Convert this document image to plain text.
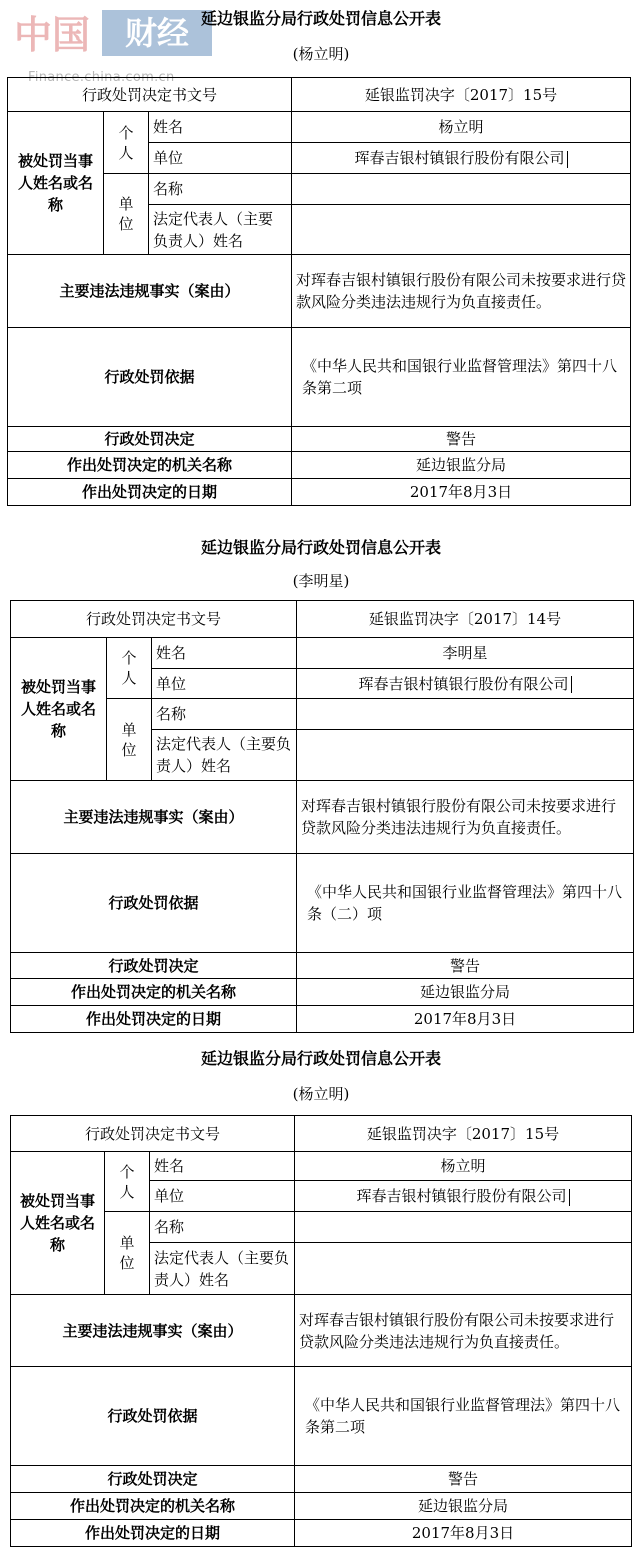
中国	财经
Finance.china.com.cn
延边银监分局行政处罚信息公开表
(杨立明)
行政处罚决定书文号			延银监罚决字〔2017〕15号
被处罚当事人姓名或名称	个人	姓名	杨立明
		单位	珲春吉银村镇银行股份有限公司
	单位	名称	
		法定代表人（主要负责人）姓名	
主要违法违规事实（案由）			对珲春吉银村镇银行股份有限公司未按要求进行贷款风险分类违法违规行为负直接责任。
行政处罚依据			《中华人民共和国银行业监督管理法》第四十八条第二项
行政处罚决定			警告
作出处罚决定的机关名称			延边银监分局
作出处罚决定的日期			2017年8月3日
延边银监分局行政处罚信息公开表
(李明星)
行政处罚决定书文号			延银监罚决字〔2017〕14号
被处罚当事人姓名或名称	个人	姓名	李明星
		单位	珲春吉银村镇银行股份有限公司
	单位	名称	
		法定代表人（主要负责人）姓名	
主要违法违规事实（案由）			对珲春吉银村镇银行股份有限公司未按要求进行贷款风险分类违法违规行为负直接责任。
行政处罚依据			《中华人民共和国银行业监督管理法》第四十八条（二）项
行政处罚决定			警告
作出处罚决定的机关名称			延边银监分局
作出处罚决定的日期			2017年8月3日
延边银监分局行政处罚信息公开表
(杨立明)
行政处罚决定书文号			延银监罚决字〔2017〕15号
被处罚当事人姓名或名称	个人	姓名	杨立明
		单位	珲春吉银村镇银行股份有限公司
	单位	名称	
		法定代表人（主要负责人）姓名	
主要违法违规事实（案由）			对珲春吉银村镇银行股份有限公司未按要求进行贷款风险分类违法违规行为负直接责任。
行政处罚依据			《中华人民共和国银行业监督管理法》第四十八条第二项
行政处罚决定			警告
作出处罚决定的机关名称			延边银监分局
作出处罚决定的日期			2017年8月3日
